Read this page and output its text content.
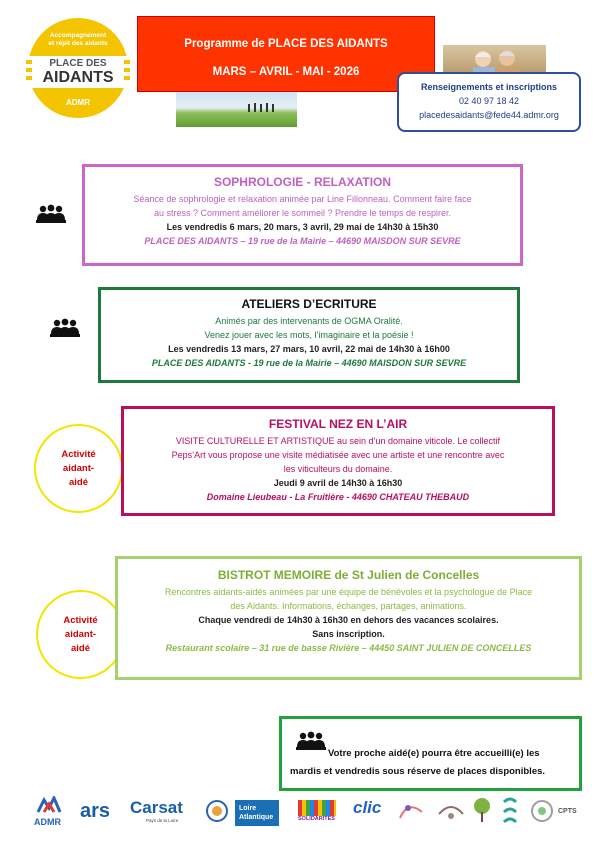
Accompagnement
et répit des aidants
PLACE DES
AIDANTS
ADMR
Programme de PLACE DES AIDANTS
MARS – AVRIL - MAI - 2026
Renseignements et inscriptions
02 40 97 18 42
placedesaidants@fede44.admr.org
SOPHROLOGIE - RELAXATION
Séance de sophrologie et relaxation animée par Line Fillonneau. Comment faire face
au stress ? Comment améliorer le sommeil ? Prendre le temps de respirer.
Les vendredis 6 mars, 20 mars, 3 avril, 29 mai de 14h30 à 15h30
PLACE DES AIDANTS – 19 rue de la Mairie – 44690 MAISDON SUR SEVRE
ATELIERS D’ECRITURE
Animés par des intervenants de OGMA Oralité.
Venez jouer avec les mots, l’imaginaire et la poésie !
Les vendredis 13 mars, 27 mars, 10 avril, 22 mai de 14h30 à 16h00
PLACE DES AIDANTS - 19 rue de la Mairie – 44690 MAISDON SUR SEVRE
Activité
aidant-
aidé
FESTIVAL NEZ EN L’AIR
VISITE CULTURELLE ET ARTISTIQUE au sein d’un domaine viticole. Le collectif
Peps’Art vous propose une visite médiatisée avec une artiste et une rencontre avec
les viticulteurs du domaine.
Jeudi 9 avril de 14h30 à 16h30
Domaine Lieubeau - La Fruitière - 44690 CHATEAU THEBAUD
Activité
aidant-
aidé
BISTROT MEMOIRE de St Julien de Concelles
Rencontres aidants-aidés animées par une équipe de bénévoles et la psychologue de Place
des Aidants. Informations, échanges, partages, animations.
Chaque vendredi de 14h30 à 16h30 en dehors des vacances scolaires.
Sans inscription.
Restaurant scolaire – 31 rue de basse Rivière – 44450 SAINT JULIEN DE CONCELLES
Votre proche aidé(e) pourra être accueilli(e) les
mardis et vendredis sous réserve de places disponibles.
ADMR ars Carsat
Pays de la Loire
Loire Atlantique	SOLIDARITES
clic	CPTS
